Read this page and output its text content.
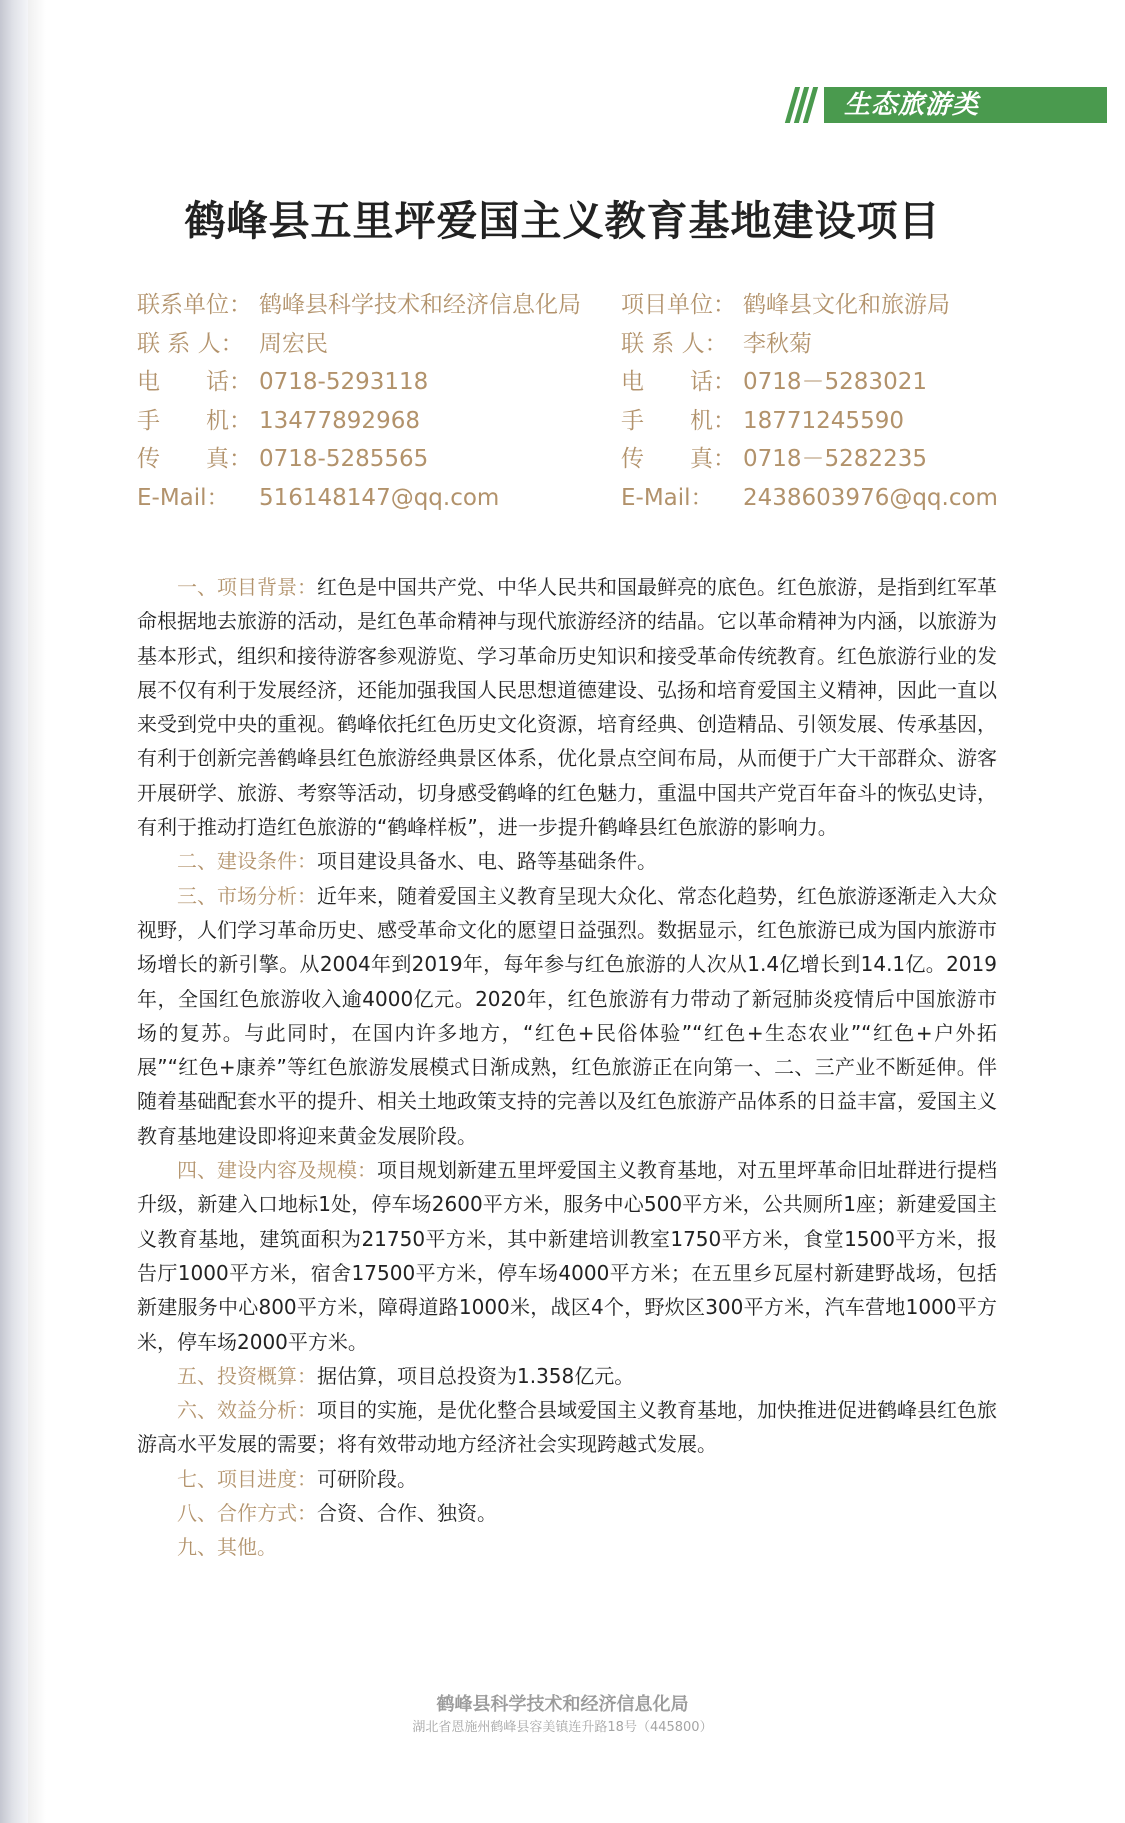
生态旅游类
鹤峰县五里坪爱国主义教育基地建设项目
联系单位： 鹤峰县科学技术和经济信息化局
联 系 人： 周宏民
电　　话： 0718-5293118
手　　机： 13477892968
传　　真： 0718-5285565
E-Mail：	516148147@qq.com
项目单位： 鹤峰县文化和旅游局
联 系 人： 李秋菊
电　　话： 0718－5283021
手　　机： 18771245590
传　　真： 0718－5282235
E-Mail：	2438603976@qq.com

一、项目背景：红色是中国共产党、中华人民共和国最鲜亮的底色。红色旅游，是指到红军革命根据地去旅游的活动，是红色革命精神与现代旅游经济的结晶。它以革命精神为内涵，以旅游为基本形式，组织和接待游客参观游览、学习革命历史知识和接受革命传统教育。红色旅游行业的发展不仅有利于发展经济，还能加强我国人民思想道德建设、弘扬和培育爱国主义精神，因此一直以来受到党中央的重视。鹤峰依托红色历史文化资源，培育经典、创造精品、引领发展、传承基因，有利于创新完善鹤峰县红色旅游经典景区体系，优化景点空间布局，从而便于广大干部群众、游客开展研学、旅游、考察等活动，切身感受鹤峰的红色魅力，重温中国共产党百年奋斗的恢弘史诗，有利于推动打造红色旅游的“鹤峰样板”，进一步提升鹤峰县红色旅游的影响力。

二、建设条件：项目建设具备水、电、路等基础条件。

三、市场分析：近年来，随着爱国主义教育呈现大众化、常态化趋势，红色旅游逐渐走入大众视野，人们学习革命历史、感受革命文化的愿望日益强烈。数据显示，红色旅游已成为国内旅游市场增长的新引擎。从2004年到2019年，每年参与红色旅游的人次从1.4亿增长到14.1亿。2019年，全国红色旅游收入逾4000亿元。2020年，红色旅游有力带动了新冠肺炎疫情后中国旅游市场的复苏。与此同时，在国内许多地方，“红色+民俗体验”“红色+生态农业”“红色+户外拓展”“红色+康养”等红色旅游发展模式日渐成熟，红色旅游正在向第一、二、三产业不断延伸。伴随着基础配套水平的提升、相关土地政策支持的完善以及红色旅游产品体系的日益丰富，爱国主义教育基地建设即将迎来黄金发展阶段。

四、建设内容及规模：项目规划新建五里坪爱国主义教育基地，对五里坪革命旧址群进行提档升级，新建入口地标1处，停车场2600平方米，服务中心500平方米，公共厕所1座；新建爱国主义教育基地，建筑面积为21750平方米，其中新建培训教室1750平方米，食堂1500平方米，报告厅1000平方米，宿舍17500平方米，停车场4000平方米；在五里乡瓦屋村新建野战场，包括新建服务中心800平方米，障碍道路1000米，战区4个，野炊区300平方米，汽车营地1000平方米，停车场2000平方米。

五、投资概算：据估算，项目总投资为1.358亿元。

六、效益分析：项目的实施，是优化整合县域爱国主义教育基地，加快推进促进鹤峰县红色旅游高水平发展的需要；将有效带动地方经济社会实现跨越式发展。

七、项目进度：可研阶段。

八、合作方式：合资、合作、独资。

九、其他。

鹤峰县科学技术和经济信息化局
湖北省恩施州鹤峰县容美镇连升路18号（445800）
